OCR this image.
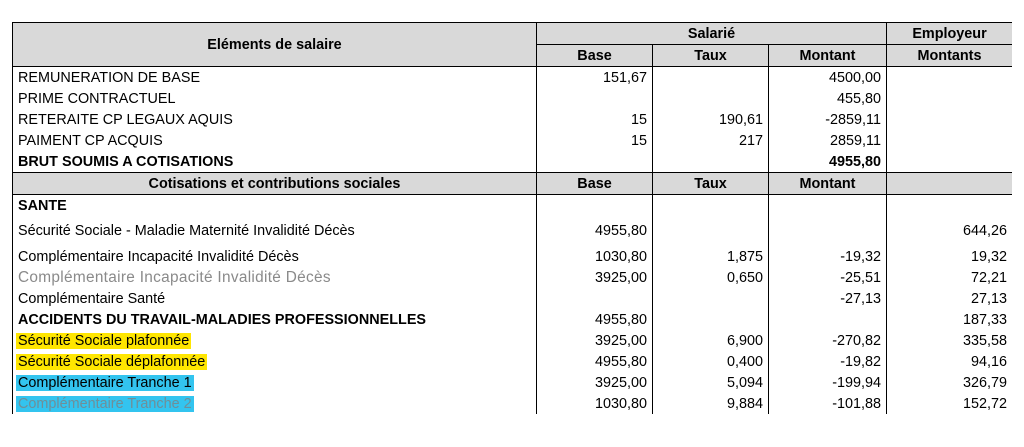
Eléments de salaire	Salarié			Employeur
	Base	Taux	Montant	Montants
REMUNERATION DE BASE	151,67		4500,00	
PRIME CONTRACTUEL			455,80	
RETERAITE CP LEGAUX AQUIS	15	190,61	-2859,11	
PAIMENT CP ACQUIS	15	217	2859,11	
BRUT SOUMIS A COTISATIONS			4955,80	
Cotisations et contributions sociales	Base	Taux	Montant	
SANTE				
Sécurité Sociale - Maladie Maternité Invalidité Décès	4955,80			644,26
Complémentaire Incapacité Invalidité Décès	1030,80	1,875	-19,32	19,32
Complémentaire Incapacité Invalidité Décès	3925,00	0,650	-25,51	72,21
Complémentaire Santé			-27,13	27,13
ACCIDENTS DU TRAVAIL-MALADIES PROFESSIONNELLES	4955,80			187,33
Sécurité Sociale plafonnée	3925,00	6,900	-270,82	335,58
Sécurité Sociale déplafonnée	4955,80	0,400	-19,82	94,16
Complémentaire Tranche 1	3925,00	5,094	-199,94	326,79
Complémentaire Tranche 2	1030,80	9,884	-101,88	152,72
